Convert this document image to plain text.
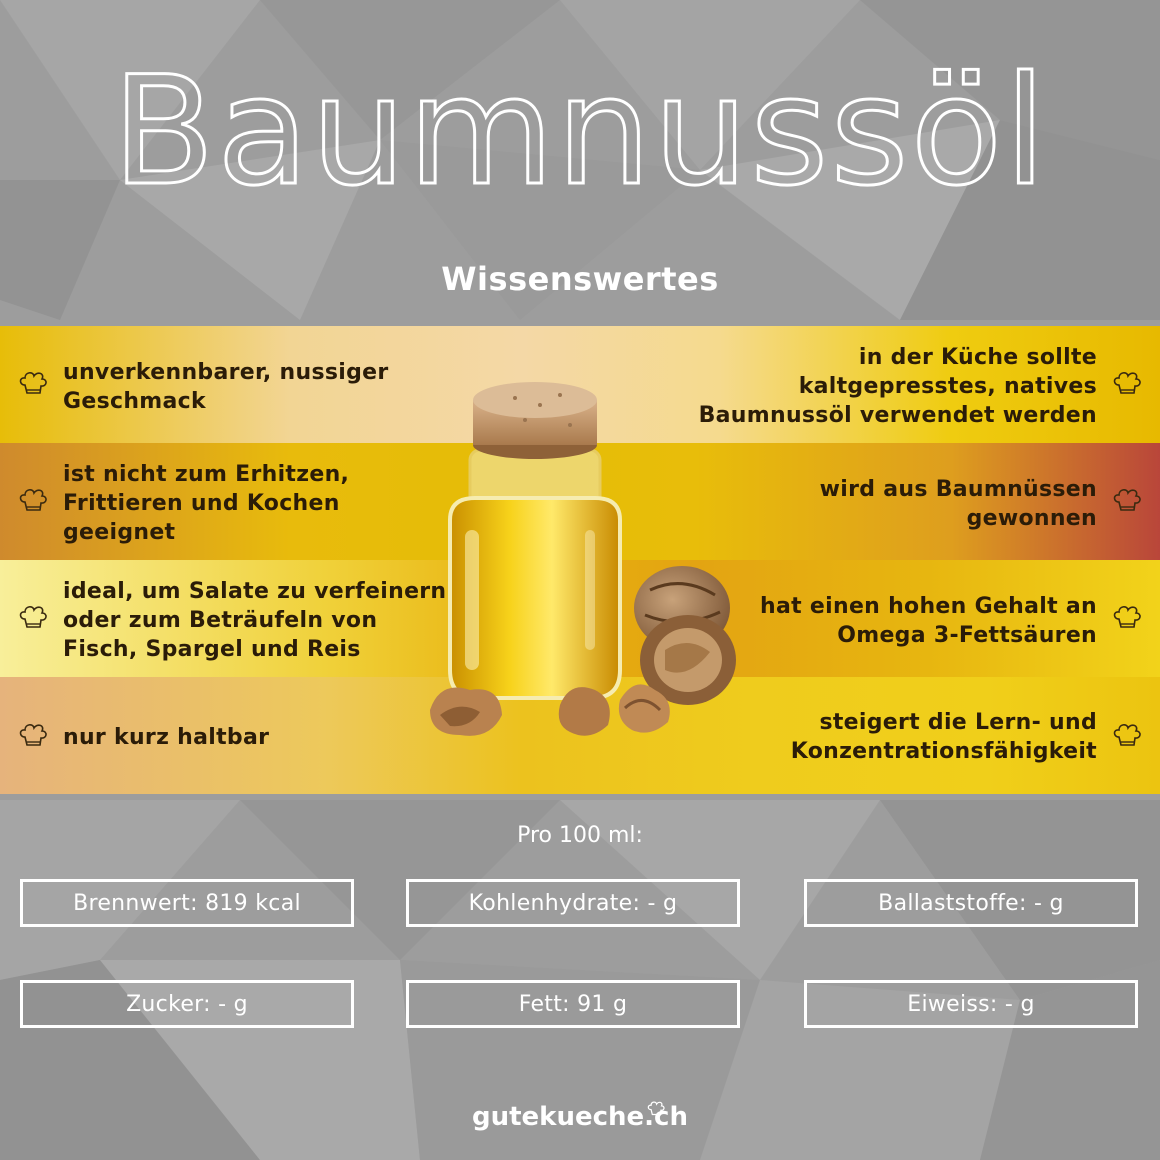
Baumnussöl
Wissenswertes
unverkennbarer, nussiger
Geschmack
ist nicht zum Erhitzen,
Frittieren und Kochen
geeignet
ideal, um Salate zu verfeinern
oder zum Beträufeln von
Fisch, Spargel und Reis
nur kurz haltbar
in der Küche sollte
kaltgepresstes, natives
Baumnussöl verwendet werden
wird aus Baumnüssen
gewonnen
hat einen hohen Gehalt an
Omega 3-Fettsäuren
steigert die Lern- und
Konzentrationsfähigkeit
Pro 100 ml:
Brennwert: 819 kcal	Kohlenhydrate: - g	Ballaststoffe: - g
Zucker: - g	Fett: 91 g	Eiweiss: - g
gutekueche.ch
